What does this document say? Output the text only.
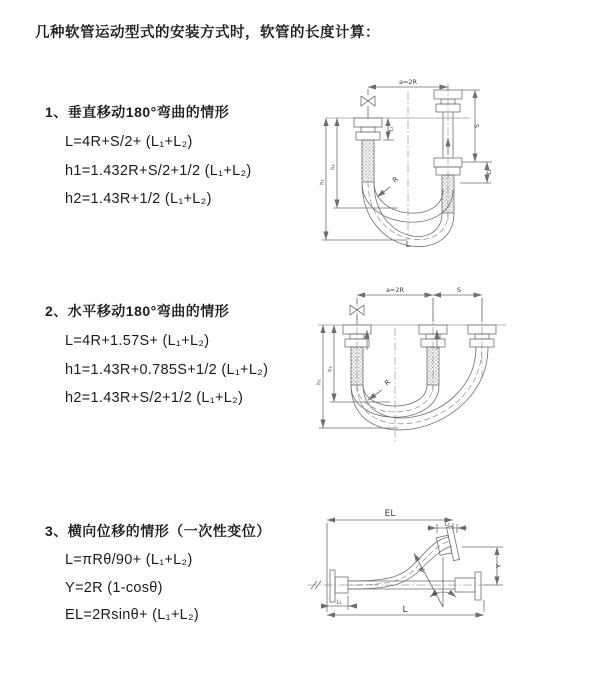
几种软管运动型式的安装方式时，软管的长度计算：
1、垂直移动180°弯曲的情形
L=4R+S/2+ (L₁+L₂)
h1=1.432R+S/2+1/2 (L₁+L₂)
h2=1.43R+1/2 (L₁+L₂)
2、水平移动180°弯曲的情形
L=4R+1.57S+ (L₁+L₂)
h1=1.43R+0.785S+1/2 (L₁+L₂)
h2=1.43R+S/2+1/2 (L₁+L₂)
3、横向位移的情形（一次性变位）
L=πRθ/90+ (L₁+L₂)
Y=2R (1-cosθ)
EL=2Rsinθ+ (L₁+L₂)
a=2R
L₁
S
L₂
h₁
h₂
R
L
a=2R	S
h₁
h₂
R
EL
L₂
L₁
Y
R
θ
L
